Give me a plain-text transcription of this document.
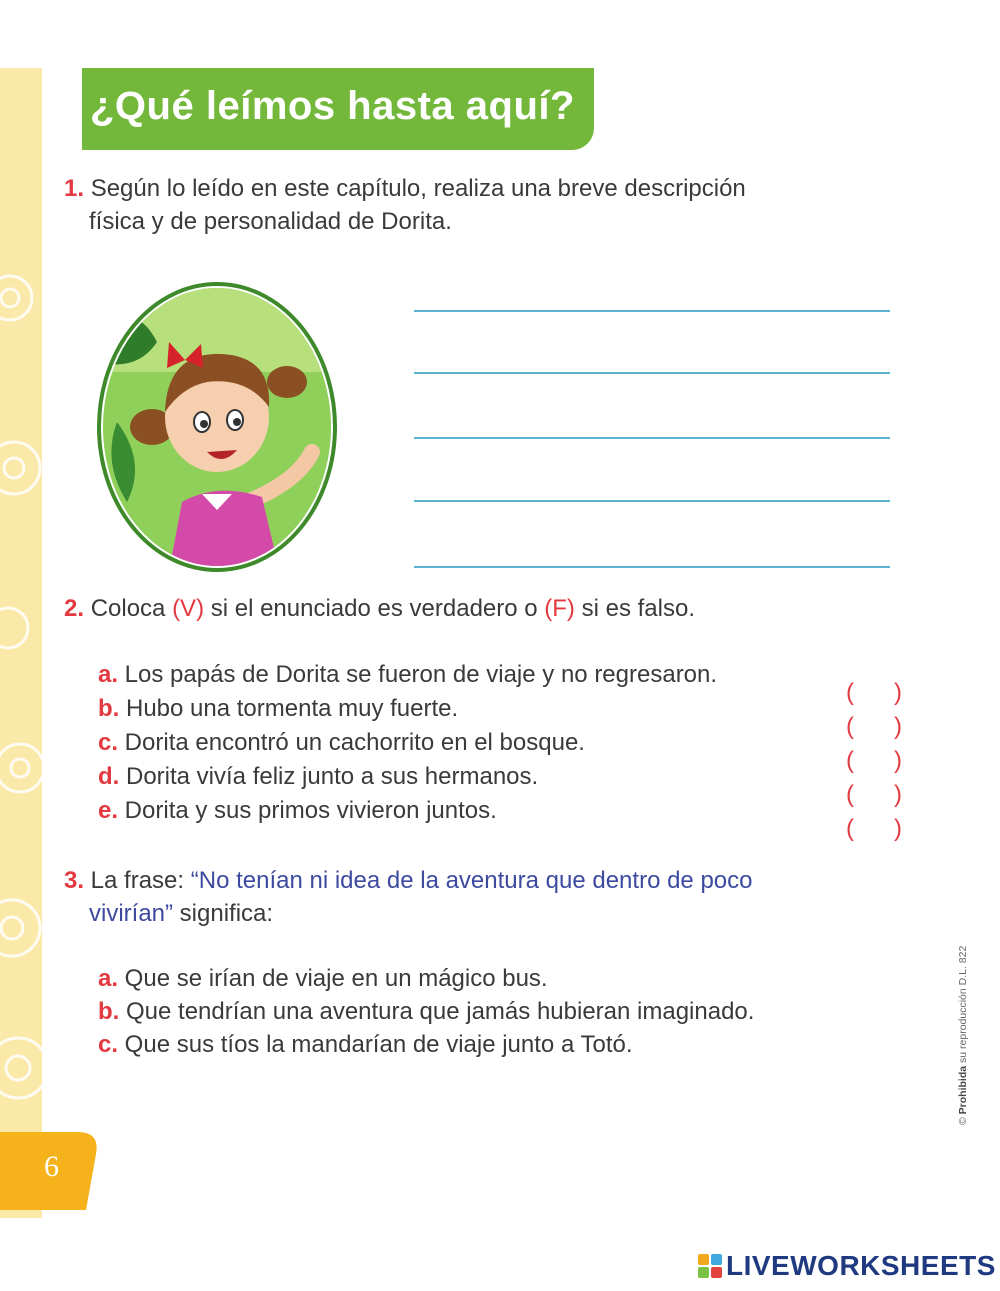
¿Qué leímos hasta aquí?
1. Según lo leído en este capítulo, realiza una breve descripción
física y de personalidad de Dorita.
2. Coloca (V) si el enunciado es verdadero o (F) si es falso.
a. Los papás de Dorita se fueron de viaje y no regresaron.
b. Hubo una tormenta muy fuerte.
c. Dorita encontró un cachorrito en el bosque.
d. Dorita vivía feliz junto a sus hermanos.
e. Dorita y sus primos vivieron juntos.
(      )
(      )
(      )
(      )
(      )
3. La frase: “No tenían ni idea de la aventura que dentro de poco
vivirían” significa:
a. Que se irían de viaje en un mágico bus.
b. Que tendrían una aventura que jamás hubieran imaginado.
c. Que sus tíos la mandarían de viaje junto a Totó.
© Prohibida su reproducción D.L. 822
6
LIVEWORKSHEETS
